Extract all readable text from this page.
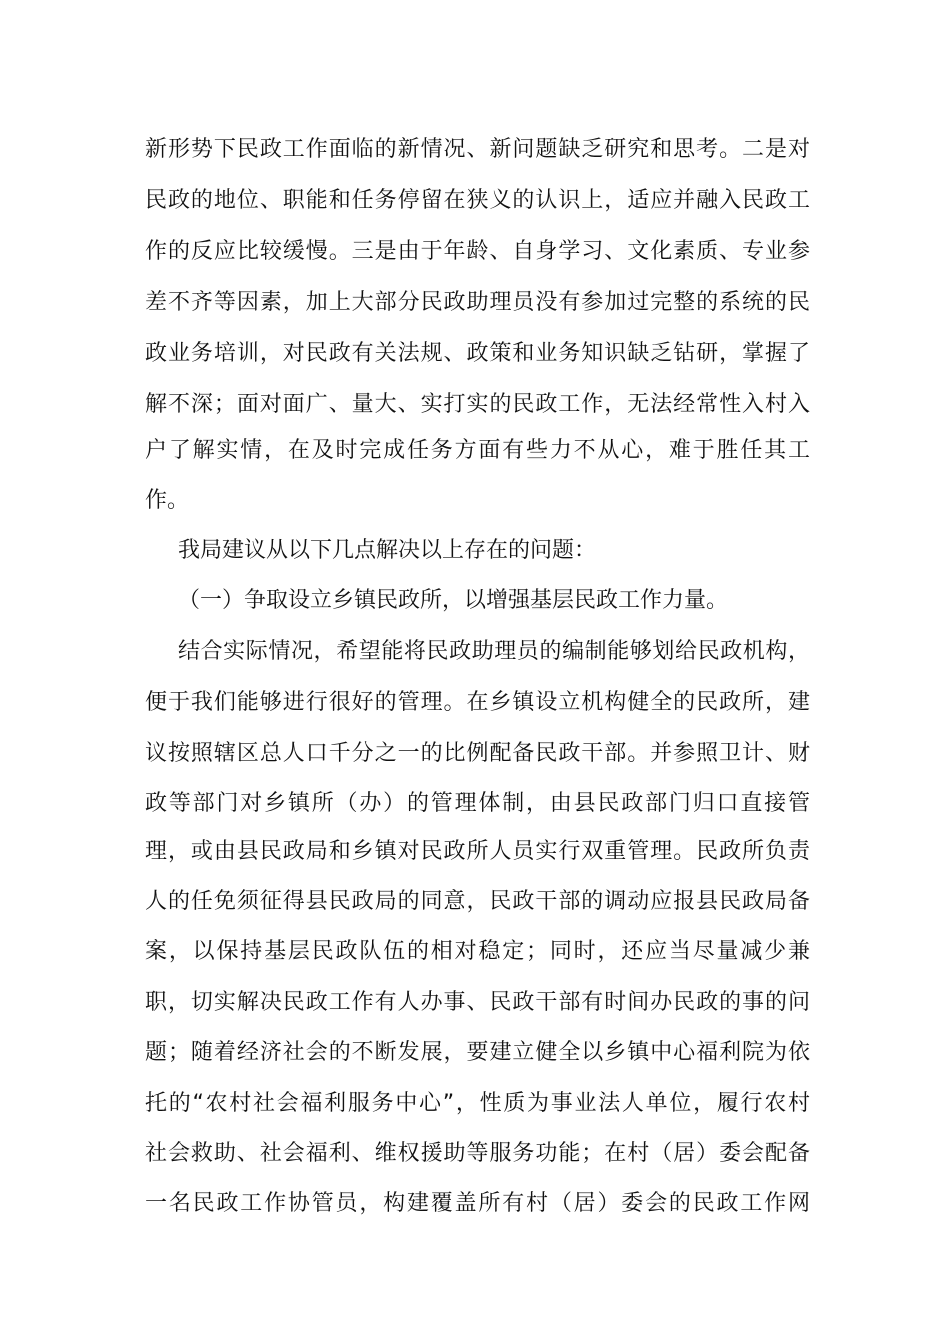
新形势下民政工作面临的新情况、新问题缺乏研究和思考。二是对
民政的地位、职能和任务停留在狭义的认识上，适应并融入民政工
作的反应比较缓慢。三是由于年龄、自身学习、文化素质、专业参
差不齐等因素，加上大部分民政助理员没有参加过完整的系统的民
政业务培训，对民政有关法规、政策和业务知识缺乏钻研，掌握了
解不深；面对面广、量大、实打实的民政工作，无法经常性入村入
户了解实情，在及时完成任务方面有些力不从心，难于胜任其工
作。
我局建议从以下几点解决以上存在的问题：
（一）争取设立乡镇民政所，以增强基层民政工作力量。
结合实际情况，希望能将民政助理员的编制能够划给民政机构，
便于我们能够进行很好的管理。在乡镇设立机构健全的民政所，建
议按照辖区总人口千分之一的比例配备民政干部。并参照卫计、财
政等部门对乡镇所（办）的管理体制，由县民政部门归口直接管
理，或由县民政局和乡镇对民政所人员实行双重管理。民政所负责
人的任免须征得县民政局的同意，民政干部的调动应报县民政局备
案，以保持基层民政队伍的相对稳定；同时，还应当尽量减少兼
职，切实解决民政工作有人办事、民政干部有时间办民政的事的问
题；随着经济社会的不断发展，要建立健全以乡镇中心福利院为依
托的“农村社会福利服务中心”，性质为事业法人单位，履行农村
社会救助、社会福利、维权援助等服务功能；在村（居）委会配备
一名民政工作协管员，构建覆盖所有村（居）委会的民政工作网
